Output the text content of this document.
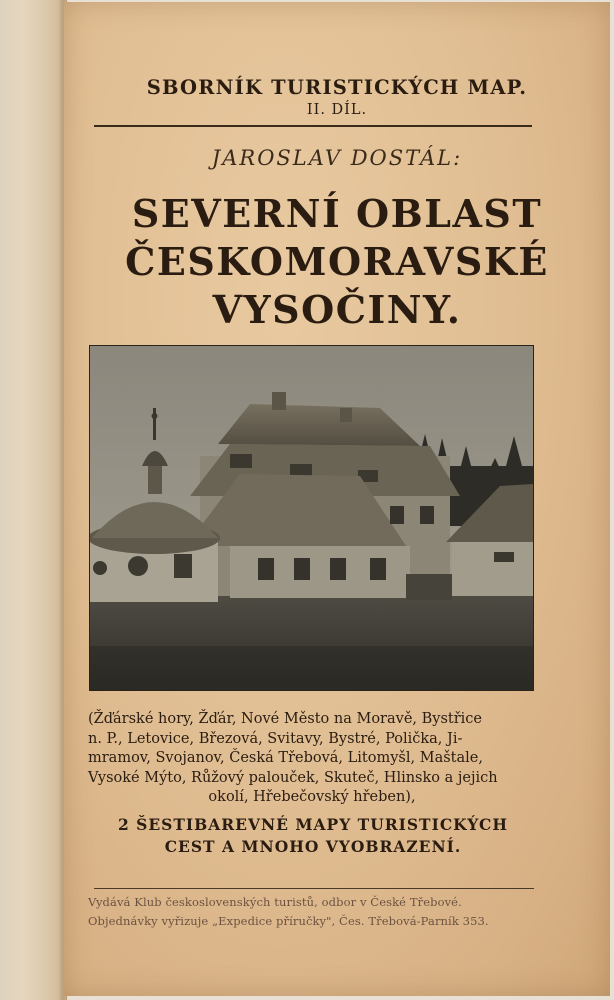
SBORNÍK TURISTICKÝCH MAP.
II. DÍL.
JAROSLAV DOSTÁL:
SEVERNÍ OBLAST
ČESKOMORAVSKÉ
VYSOČINY.
(Žďárské hory, Žďár, Nové Město na Moravě, Bystřice
n. P., Letovice, Březová, Svitavy, Bystré, Polička, Ji-
mramov, Svojanov, Česká Třebová, Litomyšl, Maštale,
Vysoké Mýto, Růžový palouček, Skuteč, Hlinsko a jejich
okolí, Hřebečovský hřeben),
2 ŠESTIBAREVNÉ MAPY TURISTICKÝCH
CEST A MNOHO VYOBRAZENÍ.
Vydává Klub československých turistů, odbor v České Třebové.
Objednávky vyřizuje „Expedice příručky", Čes. Třebová-Parník 353.
